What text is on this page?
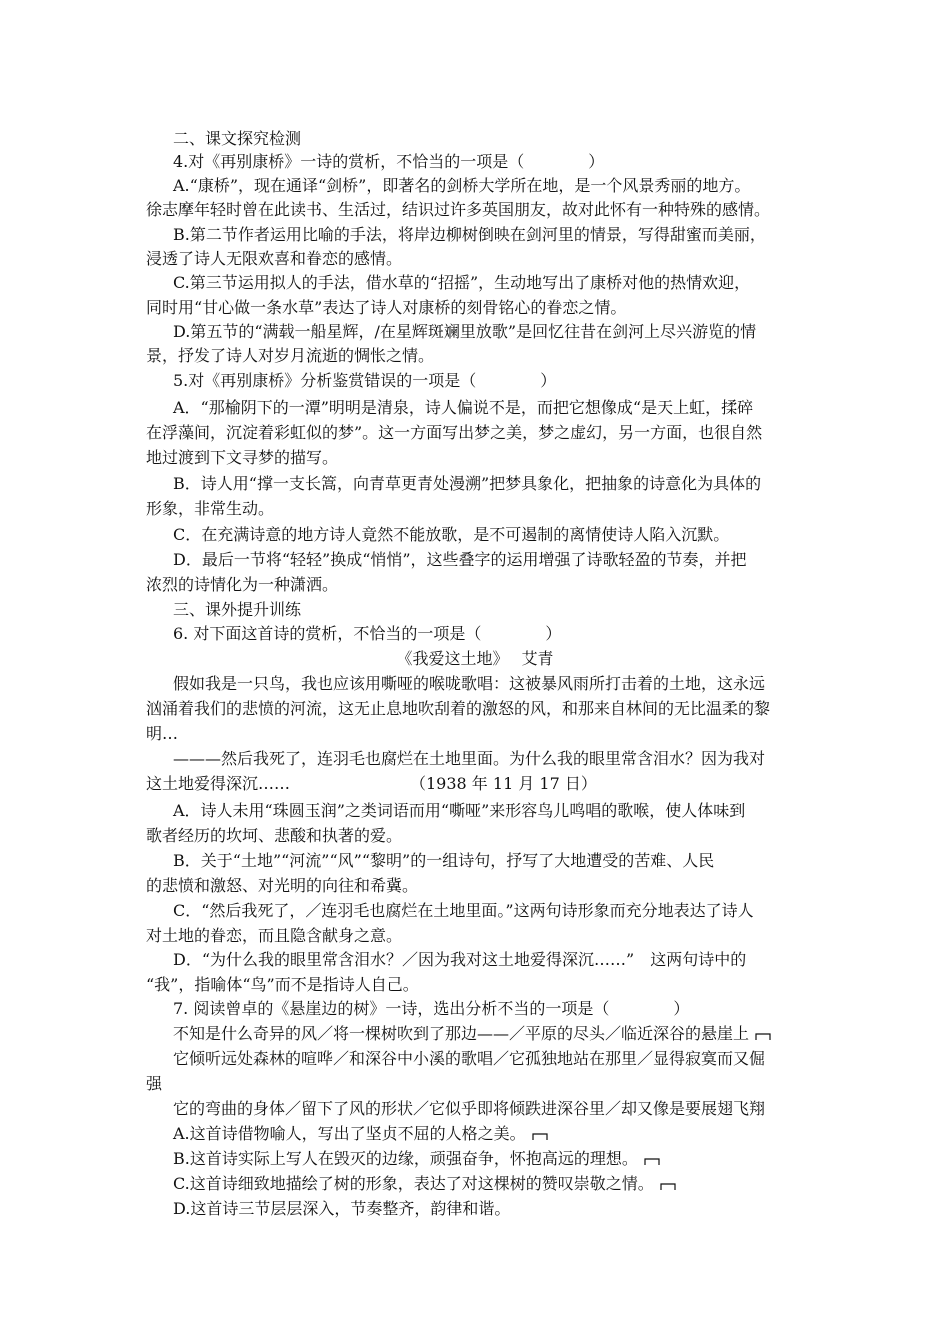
二、课文探究检测
4.对《再别康桥》一诗的赏析，不恰当的一项是（　　　　）
A.“康桥”，现在通译“剑桥”，即著名的剑桥大学所在地，是一个风景秀丽的地方。
徐志摩年轻时曾在此读书、生活过，结识过许多英国朋友，故对此怀有一种特殊的感情。
B.第二节作者运用比喻的手法，将岸边柳树倒映在剑河里的情景，写得甜蜜而美丽，
浸透了诗人无限欢喜和眷恋的感情。
C.第三节运用拟人的手法，借水草的“招摇”，生动地写出了康桥对他的热情欢迎，
同时用“甘心做一条水草”表达了诗人对康桥的刻骨铭心的眷恋之情。
D.第五节的“满载一船星辉，/在星辉斑斓里放歌”是回忆往昔在剑河上尽兴游览的情
景，抒发了诗人对岁月流逝的惆怅之情。
5.对《再别康桥》分析鉴赏错误的一项是（　　　　）
A．“那榆阴下的一潭”明明是清泉，诗人偏说不是，而把它想像成“是天上虹，揉碎
在浮藻间，沉淀着彩虹似的梦”。这一方面写出梦之美，梦之虚幻，另一方面，也很自然
地过渡到下文寻梦的描写。
B．诗人用“撑一支长篙，向青草更青处漫溯”把梦具象化，把抽象的诗意化为具体的
形象，非常生动。
C．在充满诗意的地方诗人竟然不能放歌，是不可遏制的离情使诗人陷入沉默。
D．最后一节将“轻轻”换成“悄悄”，这些叠字的运用增强了诗歌轻盈的节奏，并把
浓烈的诗情化为一种潇洒。
三、课外提升训练
6. 对下面这首诗的赏析，不恰当的一项是（　　　　）
《我爱这土地》　 艾青
假如我是一只鸟，我也应该用嘶哑的喉咙歌唱：这被暴风雨所打击着的土地，这永远
汹涌着我们的悲愤的河流，这无止息地吹刮着的激怒的风，和那来自林间的无比温柔的黎
明…
———然后我死了，连羽毛也腐烂在土地里面。为什么我的眼里常含泪水？因为我对
这土地爱得深沉……　　　　　　　　（1938 年 11 月 17 日）
A．诗人未用“珠圆玉润”之类词语而用“嘶哑”来形容鸟儿鸣唱的歌喉，使人体味到
歌者经历的坎坷、悲酸和执著的爱。
B．关于“土地”“河流”“风”“黎明”的一组诗句，抒写了大地遭受的苦难、人民
的悲愤和激怒、对光明的向往和希冀。
C．“然后我死了，／连羽毛也腐烂在土地里面。”这两句诗形象而充分地表达了诗人
对土地的眷恋，而且隐含献身之意。
D．“为什么我的眼里常含泪水？／因为我对这土地爱得深沉……”　这两句诗中的
“我”，指喻体“鸟”而不是指诗人自己。
7. 阅读曾卓的《悬崖边的树》一诗，选出分析不当的一项是（　　　　）
不知是什么奇异的风／将一棵树吹到了那边——／平原的尽头／临近深谷的悬崖上
它倾听远处森林的喧哗／和深谷中小溪的歌唱／它孤独地站在那里／显得寂寞而又倔
强
它的弯曲的身体／留下了风的形状／它似乎即将倾跌进深谷里／却又像是要展翅飞翔
A.这首诗借物喻人，写出了坚贞不屈的人格之美。
B.这首诗实际上写人在毁灭的边缘，顽强奋争，怀抱高远的理想。
C.这首诗细致地描绘了树的形象，表达了对这棵树的赞叹崇敬之情。
D.这首诗三节层层深入，节奏整齐，韵律和谐。
